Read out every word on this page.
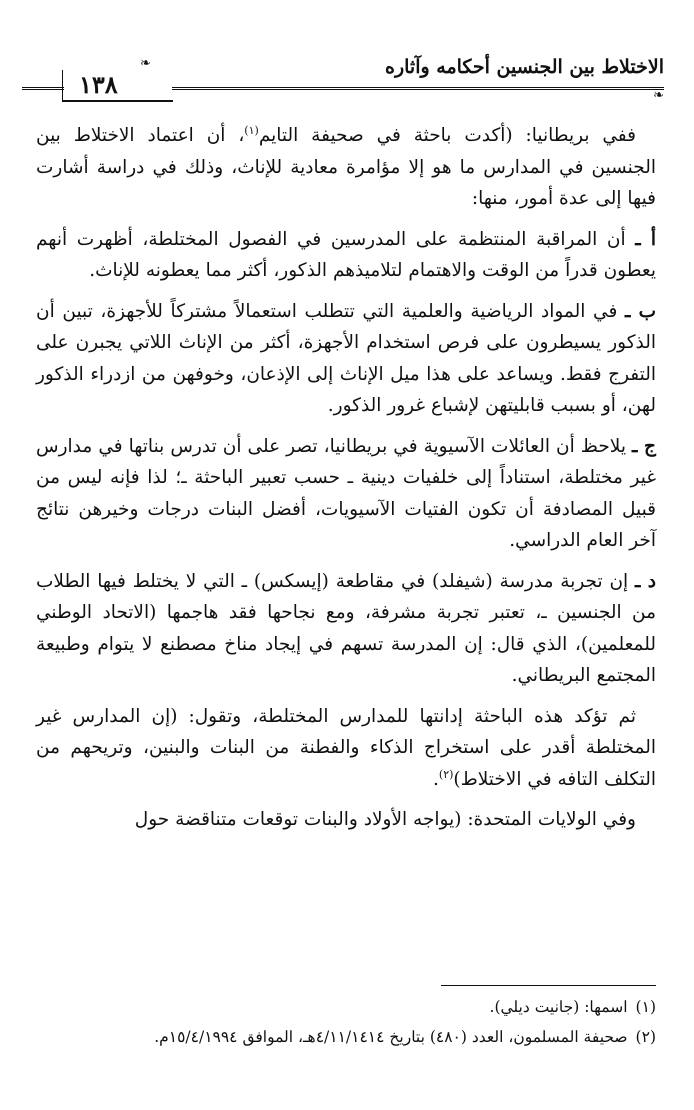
الاختلاط بين الجنسين أحكامه وآثاره
١٣٨
❧
❧

ففي بريطانيا: (أكدت باحثة في صحيفة التايم$^{(١)}$، أن اعتماد الاختلاط بين الجنسين في المدارس ما هو إلا مؤامرة معادية للإناث، وذلك في دراسة أشارت فيها إلى عدة أمور، منها:

أ ـ أن المراقبة المنتظمة على المدرسين في الفصول المختلطة، أظهرت أنهم يعطون قدراً من الوقت والاهتمام لتلاميذهم الذكور، أكثر مما يعطونه للإناث.

ب ـ في المواد الرياضية والعلمية التي تتطلب استعمالاً مشتركاً للأجهزة، تبين أن الذكور يسيطرون على فرص استخدام الأجهزة، أكثر من الإناث اللاتي يجبرن على التفرج فقط. ويساعد على هذا ميل الإناث إلى الإذعان، وخوفهن من ازدراء الذكور لهن، أو بسبب قابليتهن لإشباع غرور الذكور.

ج ـ يلاحظ أن العائلات الآسيوية في بريطانيا، تصر على أن تدرس بناتها في مدارس غير مختلطة، استناداً إلى خلفيات دينية ـ حسب تعبير الباحثة ـ؛ لذا فإنه ليس من قبيل المصادفة أن تكون الفتيات الآسيويات، أفضل البنات درجات وخيرهن نتائج آخر العام الدراسي.

د ـ إن تجربة مدرسة (شيفلد) في مقاطعة (إيسكس) ـ التي لا يختلط فيها الطلاب من الجنسين ـ، تعتبر تجربة مشرفة، ومع نجاحها فقد هاجمها (الاتحاد الوطني للمعلمين)، الذي قال: إن المدرسة تسهم في إيجاد مناخ مصطنع لا يتوام وطبيعة المجتمع البريطاني.

ثم تؤكد هذه الباحثة إدانتها للمدارس المختلطة، وتقول: (إن المدارس غير المختلطة أقدر على استخراج الذكاء والفطنة من البنات والبنين، وتريحهم من التكلف التافه في الاختلاط)$^{(٢)}$.

وفي الولايات المتحدة: (يواجه الأولاد والبنات توقعات متناقضة حول

(١)اسمها: (جانيت ديلي).
(٢)صحيفة المسلمون، العدد (٤٨٠) بتاريخ ٤/١١/١٤١٤هـ، الموافق ١٥/٤/١٩٩٤م.
